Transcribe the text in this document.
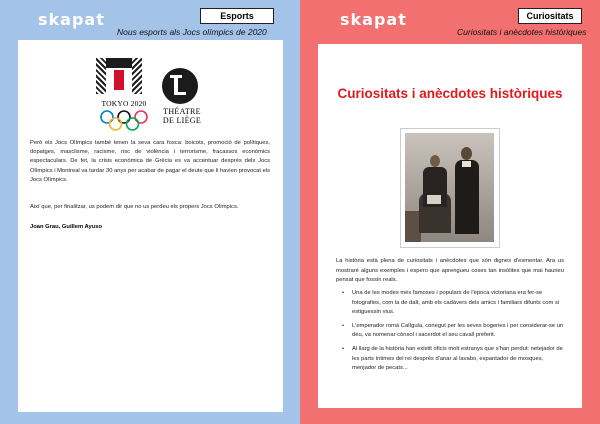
skapat	Esports
Nous esports als Jocs olímpics de 2020
TOKYO 2020
THÉATRE
DE LIÈGE
Però els Jocs Olímpics també tenen la seva cara fosca: boicots, promoció de polítiques, dopatges, masclisme, racisme, risc de violència i terrorisme, fracassos econòmics espectaculars. De fet, la crisis econòmica de Grècia es va accentuar després dels Jocs Olímpics i Montreal va tardar 30 anys per acabar de pagar el deute que li havien provocat els Jocs Olímpics.
Així que, per finalitzar, us podem dir que no us perdeu els propers Jocs Olímpics.
Joan Grau, Guillem Ayuso
skapat	Curiositats
Curiositats i anècdotes històriques
Curiositats i anècdotes històriques
La història està plena de curiositats i anècdotes que són dignes d'esmentar. Ara us mostraré alguns exemples i espero que aprengueu coses tan insòlites que mai haurieu pensat que fossin reals.
• Una de les modes més famoses i populars de l'època victoriana era fer-se fotografies, com la de dalt, amb els cadàvers dels amics i familiars difunts com si estiguessin vius.
• L'emperador romà Calígula, conegut per les seves bogeries i per considerar-se un déu, va nomenar cònsol i sacerdot el seu cavall preferit.
• Al llarg de la història han existit oficis molt estranys que s'han perdut: netejador de les parts íntimes del rei després d'anar al lavabo, espantador de mosques, menjador de pecats...
